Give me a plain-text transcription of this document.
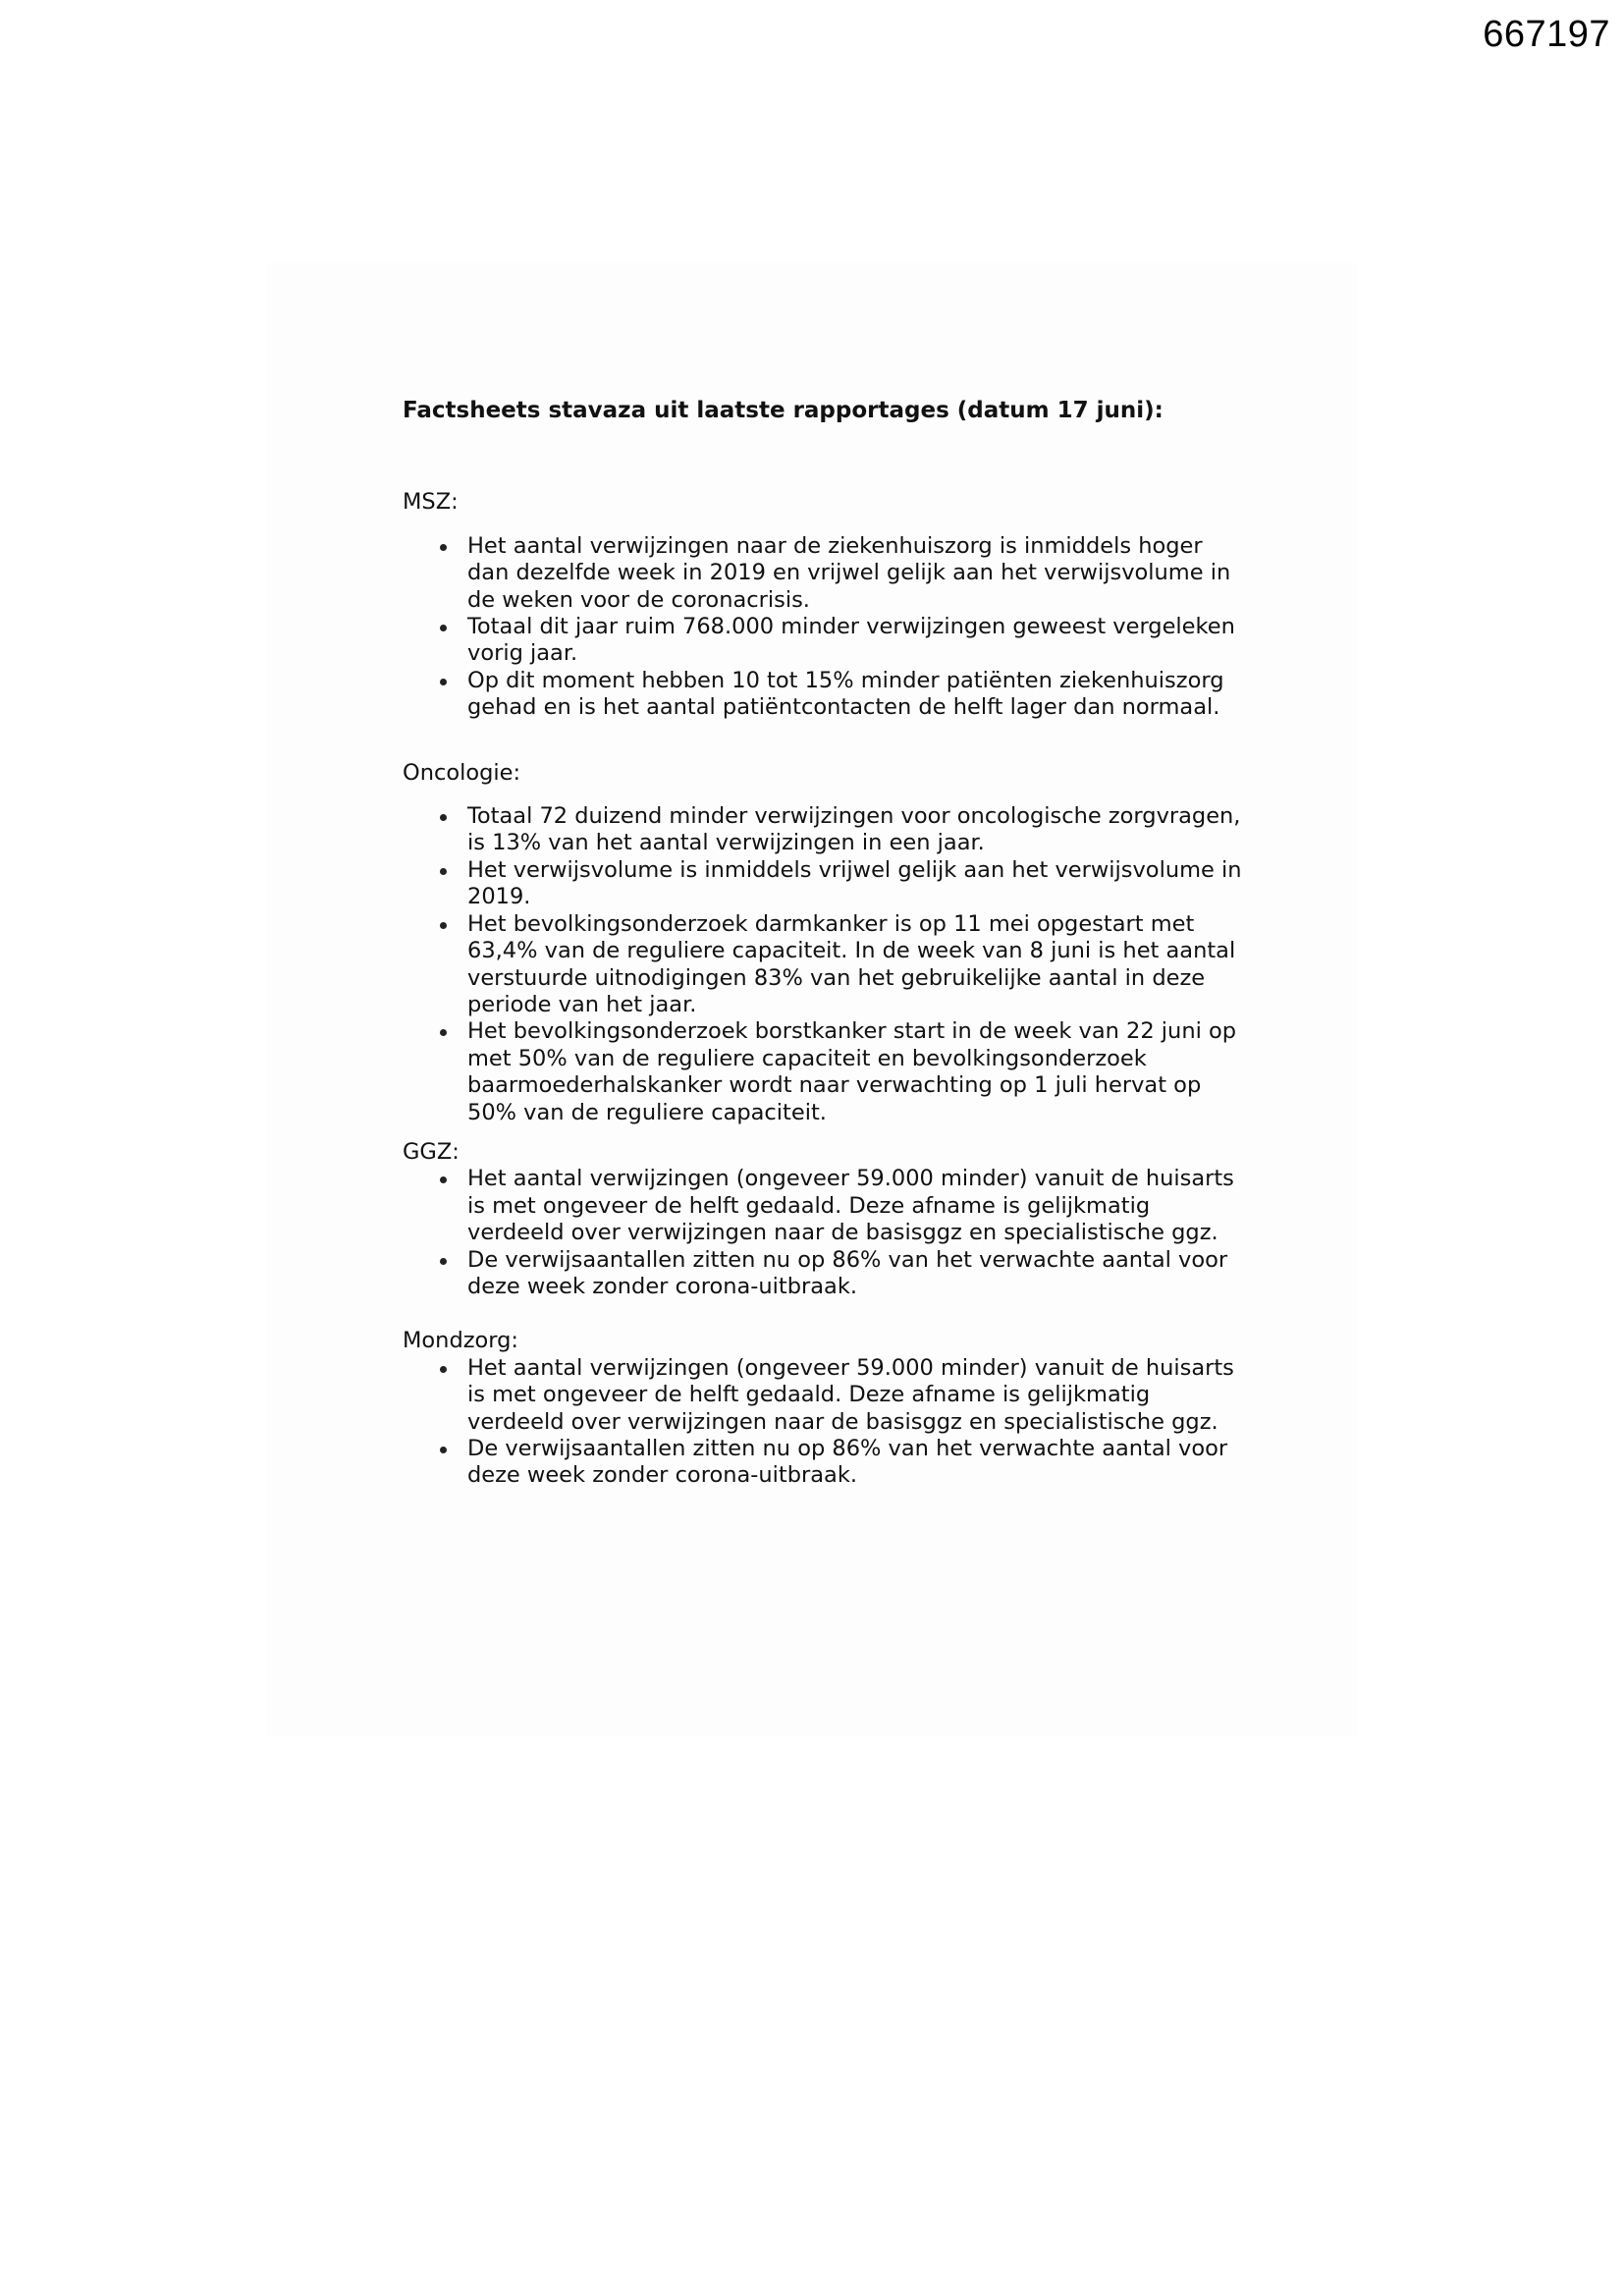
667197

Factsheets stavaza uit laatste rapportages (datum 17 juni):

MSZ:

Het aantal verwijzingen naar de ziekenhuiszorg is inmiddels hoger dan dezelfde week in 2019 en vrijwel gelijk aan het verwijsvolume in de weken voor de coronacrisis.
Totaal dit jaar ruim 768.000 minder verwijzingen geweest vergeleken vorig jaar.
Op dit moment hebben 10 tot 15% minder patiënten ziekenhuiszorg gehad en is het aantal patiëntcontacten de helft lager dan normaal.

Oncologie:

Totaal 72 duizend minder verwijzingen voor oncologische zorgvragen, is 13% van het aantal verwijzingen in een jaar.
Het verwijsvolume is inmiddels vrijwel gelijk aan het verwijsvolume in 2019.
Het bevolkingsonderzoek darmkanker is op 11 mei opgestart met 63,4% van de reguliere capaciteit. In de week van 8 juni is het aantal verstuurde uitnodigingen 83% van het gebruikelijke aantal in deze periode van het jaar.
Het bevolkingsonderzoek borstkanker start in de week van 22 juni op met 50% van de reguliere capaciteit en bevolkingsonderzoek baarmoederhalskanker wordt naar verwachting op 1 juli hervat op 50% van de reguliere capaciteit.

GGZ:

Het aantal verwijzingen (ongeveer 59.000 minder) vanuit de huisarts is met ongeveer de helft gedaald. Deze afname is gelijkmatig verdeeld over verwijzingen naar de basisggz en specialistische ggz.
De verwijsaantallen zitten nu op 86% van het verwachte aantal voor deze week zonder corona-uitbraak.

Mondzorg:

Het aantal verwijzingen (ongeveer 59.000 minder) vanuit de huisarts is met ongeveer de helft gedaald. Deze afname is gelijkmatig verdeeld over verwijzingen naar de basisggz en specialistische ggz.
De verwijsaantallen zitten nu op 86% van het verwachte aantal voor deze week zonder corona-uitbraak.
